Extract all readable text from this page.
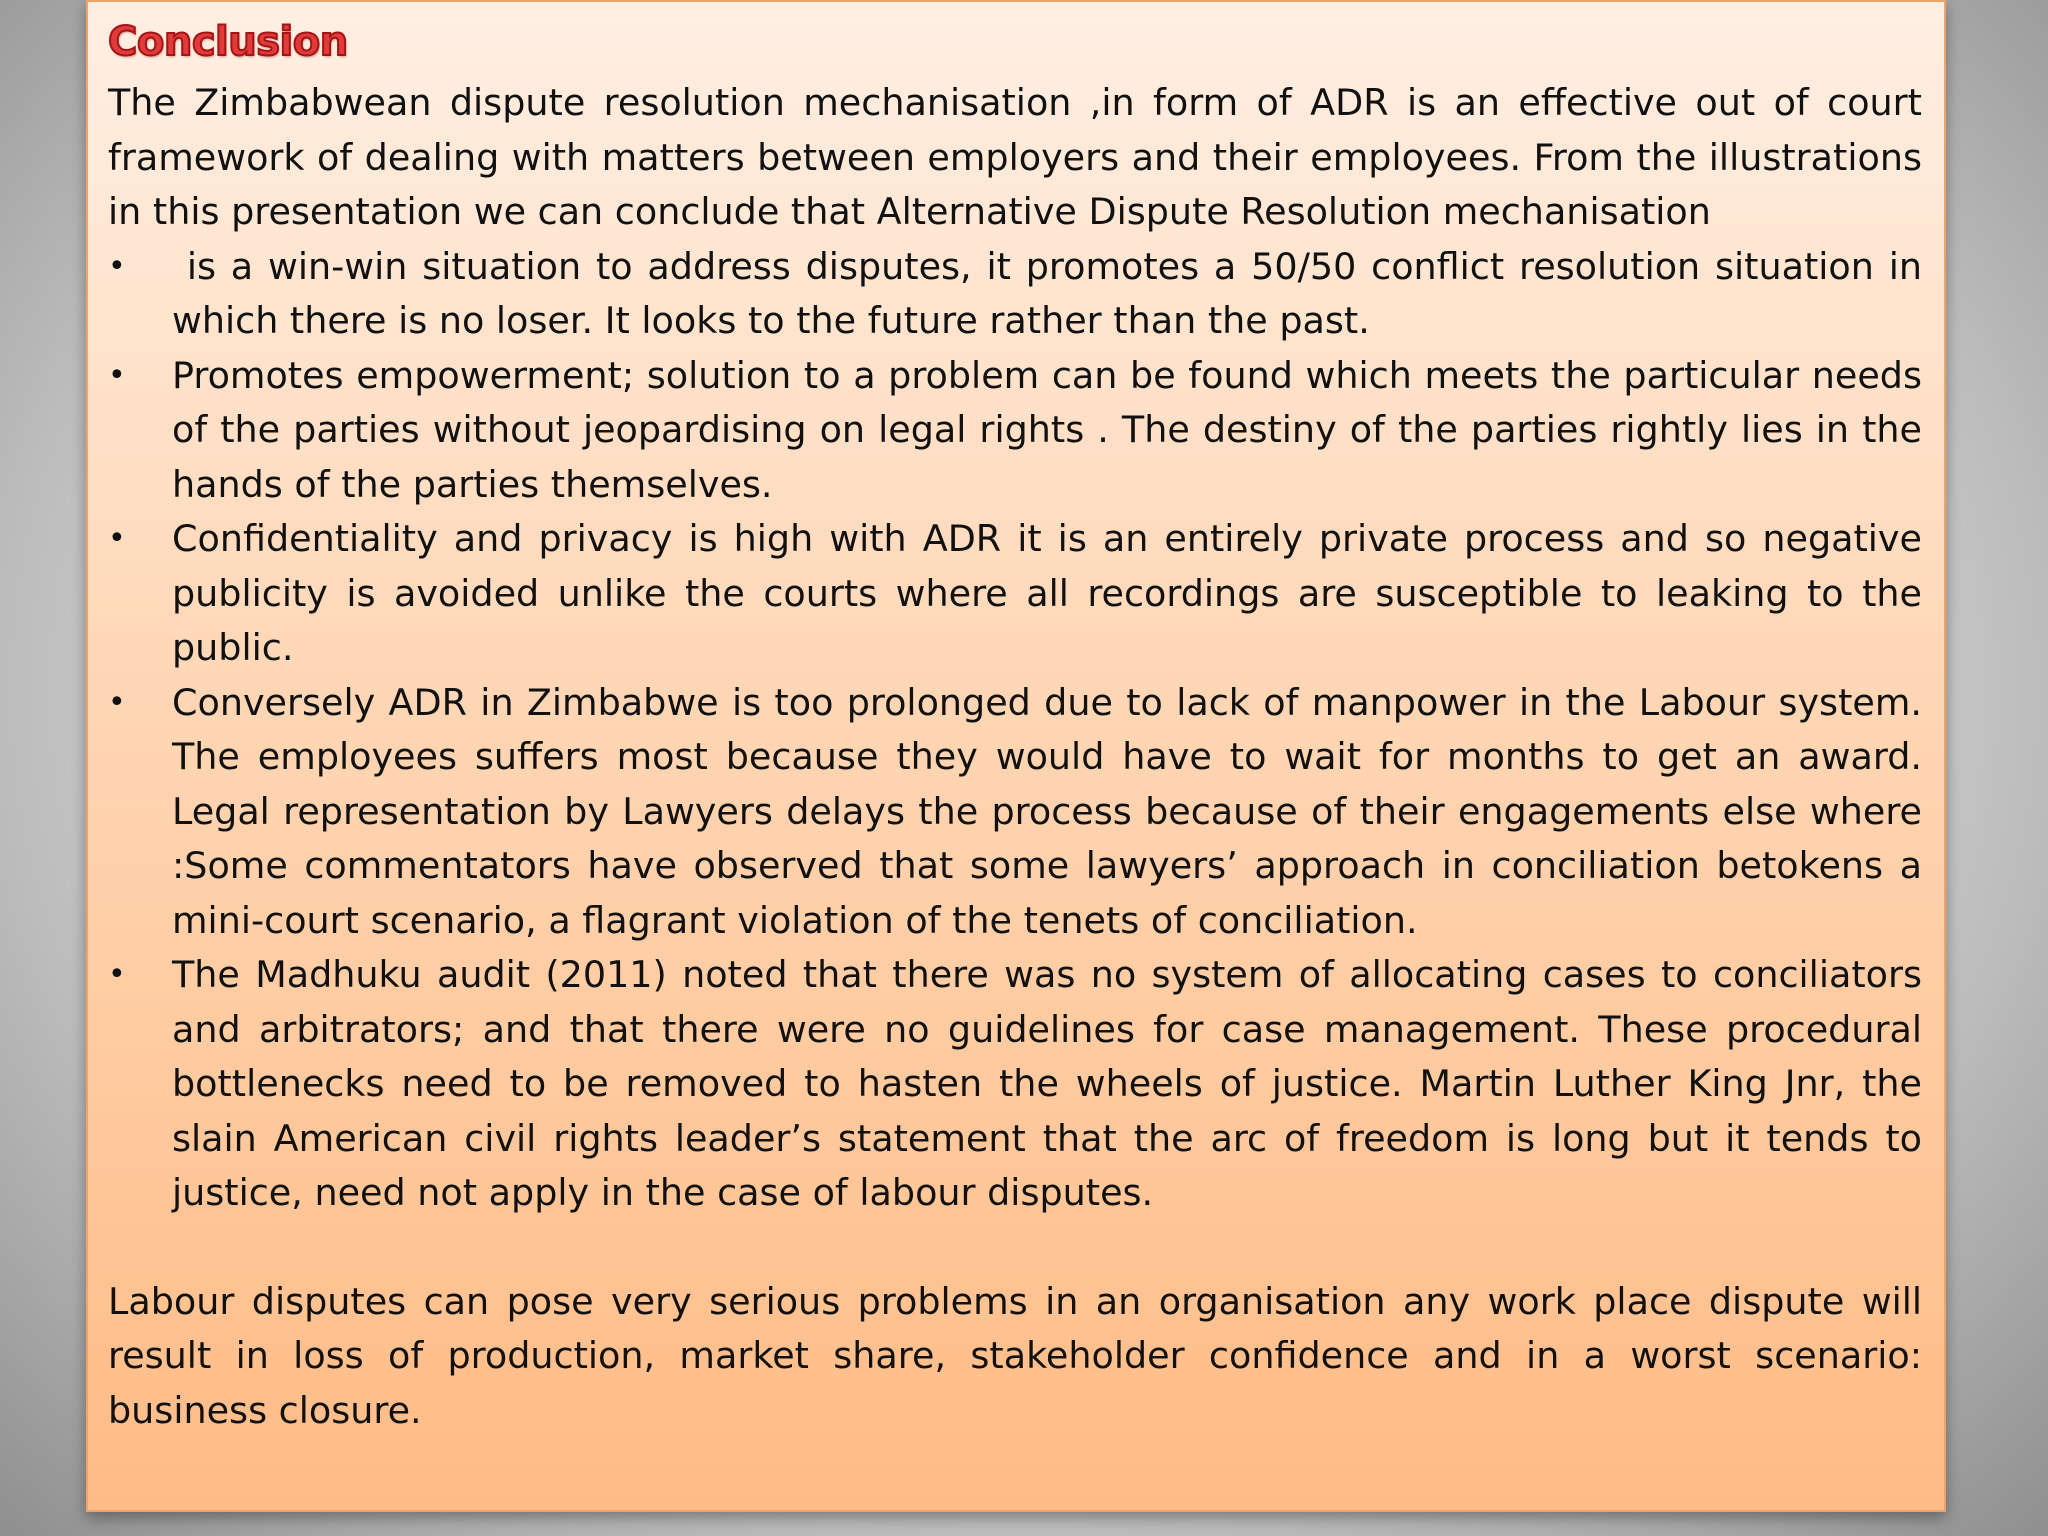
Conclusion

The Zimbabwean dispute resolution mechanisation ,in form of ADR is an effective out of court framework of dealing with matters between employers and their employees. From the illustrations in this presentation we can conclude that Alternative Dispute Resolution mechanisation

• is a win-win situation to address disputes, it promotes a 50/50 conflict resolution situation in which there is no loser. It looks to the future rather than the past.
• Promotes empowerment; solution to a problem can be found which meets the particular needs of the parties without jeopardising on legal rights . The destiny of the parties rightly lies in the hands of the parties themselves.
• Confidentiality and privacy is high with ADR it is an entirely private process and so negative publicity is avoided unlike the courts where all recordings are susceptible to leaking to the public.
• Conversely ADR in Zimbabwe is too prolonged due to lack of manpower in the Labour system. The employees suffers most because they would have to wait for months to get an award. Legal representation by Lawyers delays the process because of their engagements else where :Some commentators have observed that some lawyers’ approach in conciliation betokens a mini-court scenario, a flagrant violation of the tenets of conciliation.
• The Madhuku audit (2011) noted that there was no system of allocating cases to conciliators and arbitrators; and that there were no guidelines for case management. These procedural bottlenecks need to be removed to hasten the wheels of justice. Martin Luther King Jnr, the slain American civil rights leader’s statement that the arc of freedom is long but it tends to justice, need not apply in the case of labour disputes.

Labour disputes can pose very serious problems in an organisation any work place dispute will result in loss of production, market share, stakeholder confidence and in a worst scenario: business closure.
